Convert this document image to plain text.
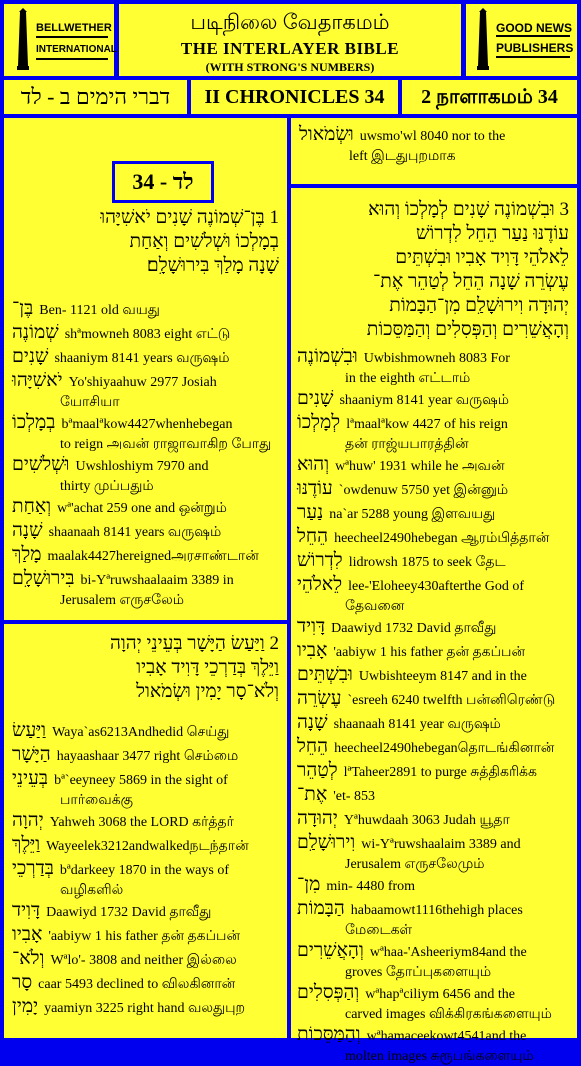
BELLWETHER
INTERNATIONAL
படிநிலை வேதாகமம்
THE INTERLAYER BIBLE
(WITH STRONG'S NUMBERS)
GOOD NEWS
PUBLISHERS
דברי הימים ב - לד	II CHRONICLES 34	2 நாளாகமம் 34
לד - 34
1 בֶּן־שְׁמוֹנֶה שָׁנִים יֹאשִׁיָּהוּ
בְמָלְכוֹ וּשְׁלֹשִׁים וְאַחַת
שָׁנָה מָלַךְ בִּירוּשָׁלִָם׃
בֶּן־ Ben- 1121 old வயது
שְׁמוֹנֶה shªmowneh 8083 eight எட்டு
שָׁנִים shaaniym 8141 years வருஷம்
יֹאשִׁיָּהוּ Yo'shiyaahuw 2977 Josiah
யோசியா
בְמָלְכוֹ bªmaalªkow4427whenhebegan
to reign அவன் ராஜாவாகிற போது
וּשְׁלֹשִׁים Uwshloshiym 7970 and
thirty முப்பதும்
וְאַחַת wª'achat 259 one and ஒன்றும்
שָׁנָה shaanaah 8141 years வருஷம்
מָלַךְ maalak4427hereignedஅரசாண்டான்
בִּירוּשָׁלִָם bi-Yªruwshaalaaim 3389 in
Jerusalem எருசலேம்
2 וַיַּעַשׂ הַיָּשָׁר בְּעֵינֵי יְהוָה
וַיֵּלֶךְ בְּדַרְכֵי דָּוִיד אָבִיו
וְלֹא־סָר יָמִין וּשְׂמֹאול
וַיַּעַשׂ Waya`as6213Andhedid செய்து
הַיָּשָׁר hayaashaar 3477 right செம்மை
בְּעֵינֵי bª`eeyneey 5869 in the sight of
பார்வைக்கு
יְהוָה Yahweh 3068 the LORD கர்த்தர்
וַיֵּלֶךְ Wayeelek3212andwalkedநடந்தான்
בְּדַרְכֵי bªdarkeey 1870 in the ways of
வழிகளில்
דָּוִיד Daawiyd 1732 David தாவீது
אָבִיו 'aabiyw 1 his father தன் தகப்பன்
וְלֹא־ Wªlo'- 3808 and neither இல்லை
סָר caar 5493 declined to விலகினான்
יָמִין yaamiyn 3225 right hand வலதுபுற
וּשְׂמֹאול uwsmo'wl 8040 nor to the
left இடதுபுறமாக
3 וּבִשְׁמוֹנֶה שָׁנִים לְמָלְכוֹ וְהוּא
עוֹדֶנּוּ נַעַר הֵחֵל לִדְרוֹשׁ
לֵאלֹהֵי דָּוִיד אָבִיו וּבִשְׁתֵּים
עֶשְׂרֵה שָׁנָה הֵחֵל לְטַהֵר אֶת־
יְהוּדָה וִירוּשָׁלִַם מִן־הַבָּמוֹת
וְהָאֲשֵׁרִים וְהַפְּסִלִים וְהַמַּסֵּכוֹת
וּבִשְׁמוֹנֶה Uwbishmowneh 8083 For
in the eighth எட்டாம்
שָׁנִים shaaniym 8141 year வருஷம்
לְמָלְכוֹ lªmaalªkow 4427 of his reign
தன் ராஜ்யபாரத்தின்
וְהוּא wªhuw' 1931 while he அவன்
עוֹדֶנּוּ `owdenuw 5750 yet இன்னும்
נַעַר na`ar 5288 young இளவயது
הֵחֵל heecheel2490hebegan ஆரம்பித்தான்
לִדְרוֹשׁ lidrowsh 1875 to seek தேட
לֵאלֹהֵי lee-'Eloheey430afterthe God of
தேவனை
דָּוִיד Daawiyd 1732 David தாவீது
אָבִיו 'aabiyw 1 his father தன் தகப்பன்
וּבִשְׁתֵּים Uwbishteeym 8147 and in the
עֶשְׂרֵה `esreeh 6240 twelfth பன்னிரெண்டு
שָׁנָה shaanaah 8141 year வருஷம்
הֵחֵל heecheel2490hebeganதொடங்கினான்
לְטַהֵר lªTaheer2891 to purge சுத்திகரிக்க
אֶת־ 'et- 853
יְהוּדָה Yªhuwdaah 3063 Judah யூதா
וִירוּשָׁלִַם wi-Yªruwshaalaim 3389 and
Jerusalem எருசலேமும்
מִן־ min- 4480 from
הַבָּמוֹת habaamowt1116thehigh places
மேடைகள்
וְהָאֲשֵׁרִים wªhaa-'Asheeriym84and the
groves தோப்புகளையும்
וְהַפְּסִלִים wªhapªciliym 6456 and the
carved images விக்கிரகங்களையும்
וְהַמַּסֵּכוֹת wªhamaceekowt4541and the
molten images சுரூபங்களையும்
